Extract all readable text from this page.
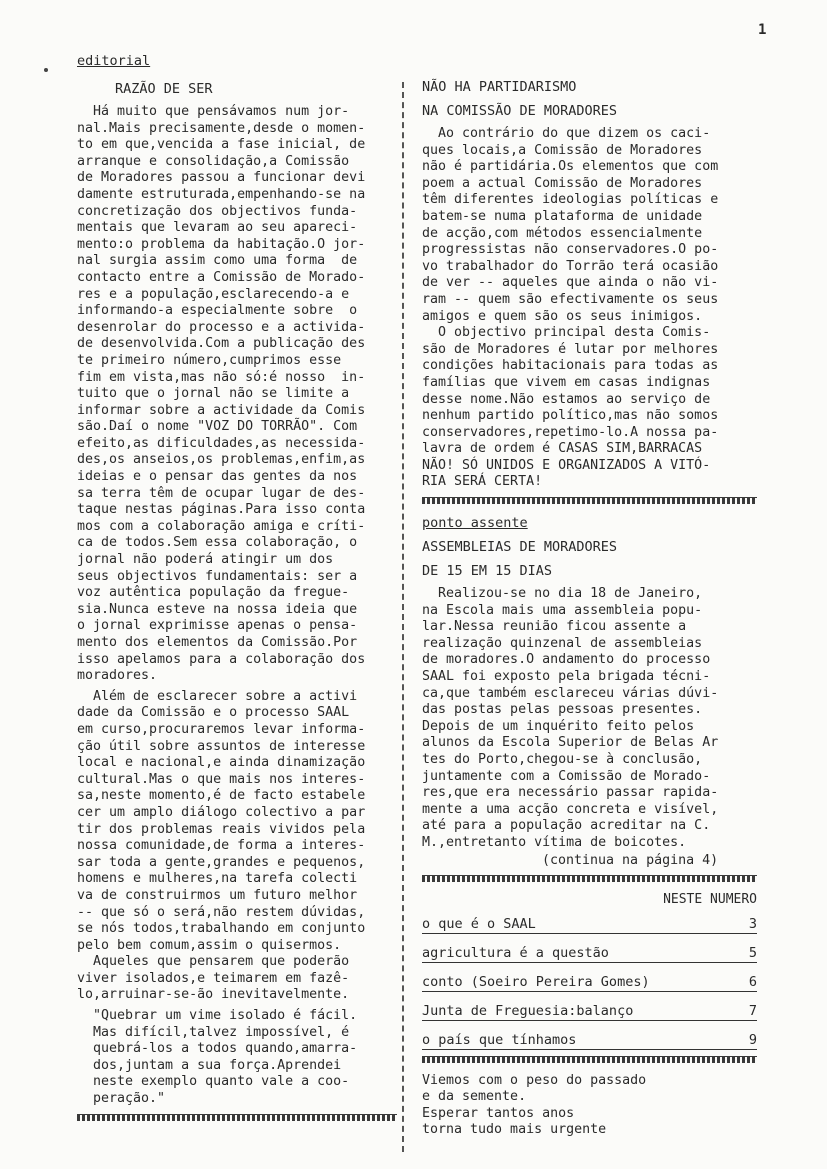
1

editorial

RAZÃO DE SER

Há muito que pensávamos num jor-
nal.Mais precisamente,desde o momen-
to em que,vencida a fase inicial, de
arranque e consolidação,a Comissão
de Moradores passou a funcionar devi
damente estruturada,empenhando-se na
concretização dos objectivos funda-
mentais que levaram ao seu apareci-
mento:o problema da habitação.O jor-
nal surgia assim como uma forma  de
contacto entre a Comissão de Morado-
res e a população,esclarecendo-a e
informando-a especialmente sobre  o
desenrolar do processo e a activida-
de desenvolvida.Com a publicação des
te primeiro número,cumprimos esse
fim em vista,mas não só:é nosso  in-
tuito que o jornal não se limite a
informar sobre a actividade da Comis
são.Daí o nome "VOZ DO TORRÃO". Com
efeito,as dificuldades,as necessida-
des,os anseios,os problemas,enfim,as
ideias e o pensar das gentes da nos
sa terra têm de ocupar lugar de des-
taque nestas páginas.Para isso conta
mos com a colaboração amiga e críti-
ca de todos.Sem essa colaboração, o
jornal não poderá atingir um dos
seus objectivos fundamentais: ser a
voz autêntica população da fregue-
sia.Nunca esteve na nossa ideia que
o jornal exprimisse apenas o pensa-
mento dos elementos da Comissão.Por
isso apelamos para a colaboração dos
moradores.

Além de esclarecer sobre a activi
dade da Comissão e o processo SAAL
em curso,procuraremos levar informa-
ção útil sobre assuntos de interesse
local e nacional,e ainda dinamização
cultural.Mas o que mais nos interes-
sa,neste momento,é de facto estabele
cer um amplo diálogo colectivo a par
tir dos problemas reais vividos pela
nossa comunidade,de forma a interes-
sar toda a gente,grandes e pequenos,
homens e mulheres,na tarefa colecti
va de construirmos um futuro melhor
-- que só o será,não restem dúvidas,
se nós todos,trabalhando em conjunto
pelo bem comum,assim o quisermos.

Aqueles que pensarem que poderão
viver isolados,e teimarem em fazê-
lo,arruinar-se-ão inevitavelmente.

"Quebrar um vime isolado é fácil.
Mas difícil,talvez impossível, é
quebrá-los a todos quando,amarra-
dos,juntam a sua força.Aprendei
neste exemplo quanto vale a coo-
peração."

NÃO HA PARTIDARISMO

NA COMISSÃO DE MORADORES

Ao contrário do que dizem os caci-
ques locais,a Comissão de Moradores
não é partidária.Os elementos que com
poem a actual Comissão de Moradores
têm diferentes ideologias políticas e
batem-se numa plataforma de unidade
de acção,com métodos essencialmente
progressistas não conservadores.O po-
vo trabalhador do Torrão terá ocasião
de ver -- aqueles que ainda o não vi-
ram -- quem são efectivamente os seus
amigos e quem são os seus inimigos.

O objectivo principal desta Comis-
são de Moradores é lutar por melhores
condições habitacionais para todas as
famílias que vivem em casas indignas
desse nome.Não estamos ao serviço de
nenhum partido político,mas não somos
conservadores,repetimo-lo.A nossa pa-
lavra de ordem é CASAS SIM,BARRACAS
NÃO! SÓ UNIDOS E ORGANIZADOS A VITÓ-
RIA SERÁ CERTA!

ponto assente

ASSEMBLEIAS DE MORADORES

DE 15 EM 15 DIAS

Realizou-se no dia 18 de Janeiro,
na Escola mais uma assembleia popu-
lar.Nessa reunião ficou assente a
realização quinzenal de assembleias
de moradores.O andamento do processo
SAAL foi exposto pela brigada técni-
ca,que também esclareceu várias dúvi-
das postas pelas pessoas presentes.
Depois de um inquérito feito pelos
alunos da Escola Superior de Belas Ar
tes do Porto,chegou-se à conclusão,
juntamente com a Comissão de Morado-
res,que era necessário passar rapida-
mente a uma acção concreta e visível,
até para a população acreditar na C.
M.,entretanto vítima de boicotes.

(continua na página 4)

NESTE NUMERO

o que é o SAAL	3
agricultura é a questão	5
conto (Soeiro Pereira Gomes)	6
Junta de Freguesia:balanço	7
o país que tínhamos	9

Viemos com o peso do passado
e da semente.
Esperar tantos anos
torna tudo mais urgente
